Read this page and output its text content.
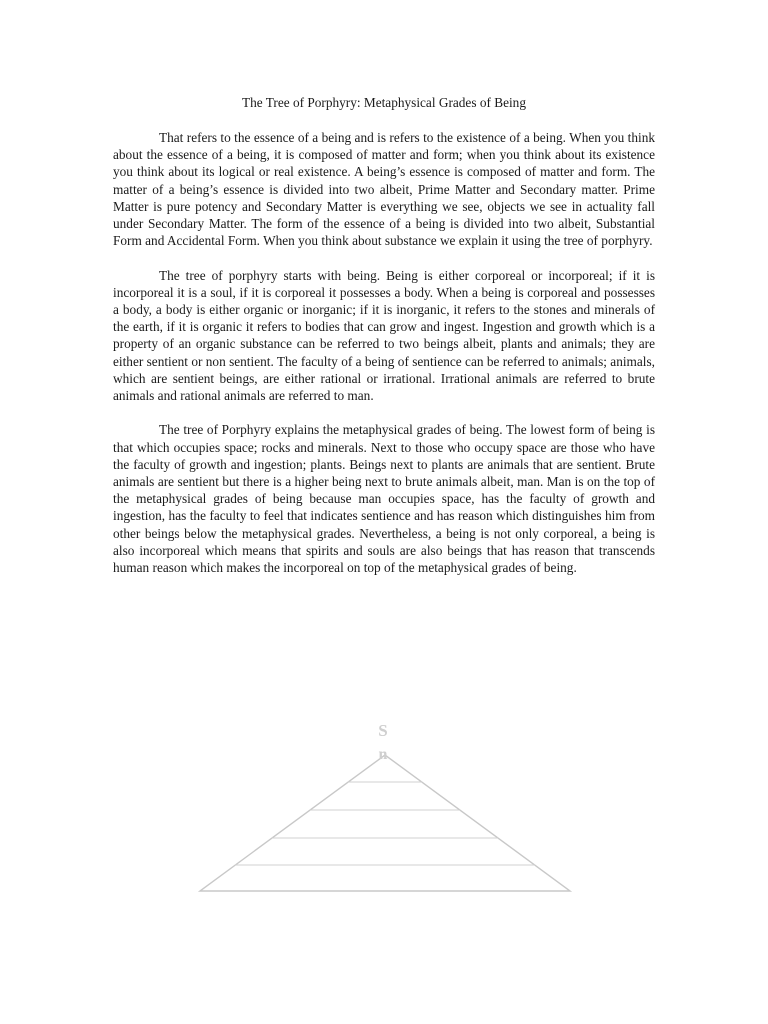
The Tree of Porphyry: Metaphysical Grades of Being

That refers to the essence of a being and is refers to the existence of a being. When you think about the essence of a being, it is composed of matter and form; when you think about its existence you think about its logical or real existence. A being’s essence is composed of matter and form. The matter of a being’s essence is divided into two albeit, Prime Matter and Secondary matter. Prime Matter is pure potency and Secondary Matter is everything we see, objects we see in actuality fall under Secondary Matter. The form of the essence of a being is divided into two albeit, Substantial Form and Accidental Form. When you think about substance we explain it using the tree of porphyry.

The tree of porphyry starts with being. Being is either corporeal or incorporeal; if it is incorporeal it is a soul, if it is corporeal it possesses a body. When a being is corporeal and possesses a body, a body is either organic or inorganic; if it is inorganic, it refers to the stones and minerals of the earth, if it is organic it refers to bodies that can grow and ingest. Ingestion and growth which is a property of an organic substance can be referred to two beings albeit, plants and animals; they are either sentient or non sentient. The faculty of a being of sentience can be referred to animals; animals, which are sentient beings, are either rational or irrational. Irrational animals are referred to brute animals and rational animals are referred to man.

The tree of Porphyry explains the metaphysical grades of being. The lowest form of being is that which occupies space; rocks and minerals. Next to those who occupy space are those who have the faculty of growth and ingestion; plants. Beings next to plants are animals that are sentient. Brute animals are sentient but there is a higher being next to brute animals albeit, man. Man is on the top of the metaphysical grades of being because man occupies space, has the faculty of growth and ingestion, has the faculty to feel that indicates sentience and has reason which distinguishes him from other beings below the metaphysical grades. Nevertheless, a being is not only corporeal, a being is also incorporeal which means that spirits and souls are also beings that has reason that transcends human reason which makes the incorporeal on top of the metaphysical grades of being.

S
n
